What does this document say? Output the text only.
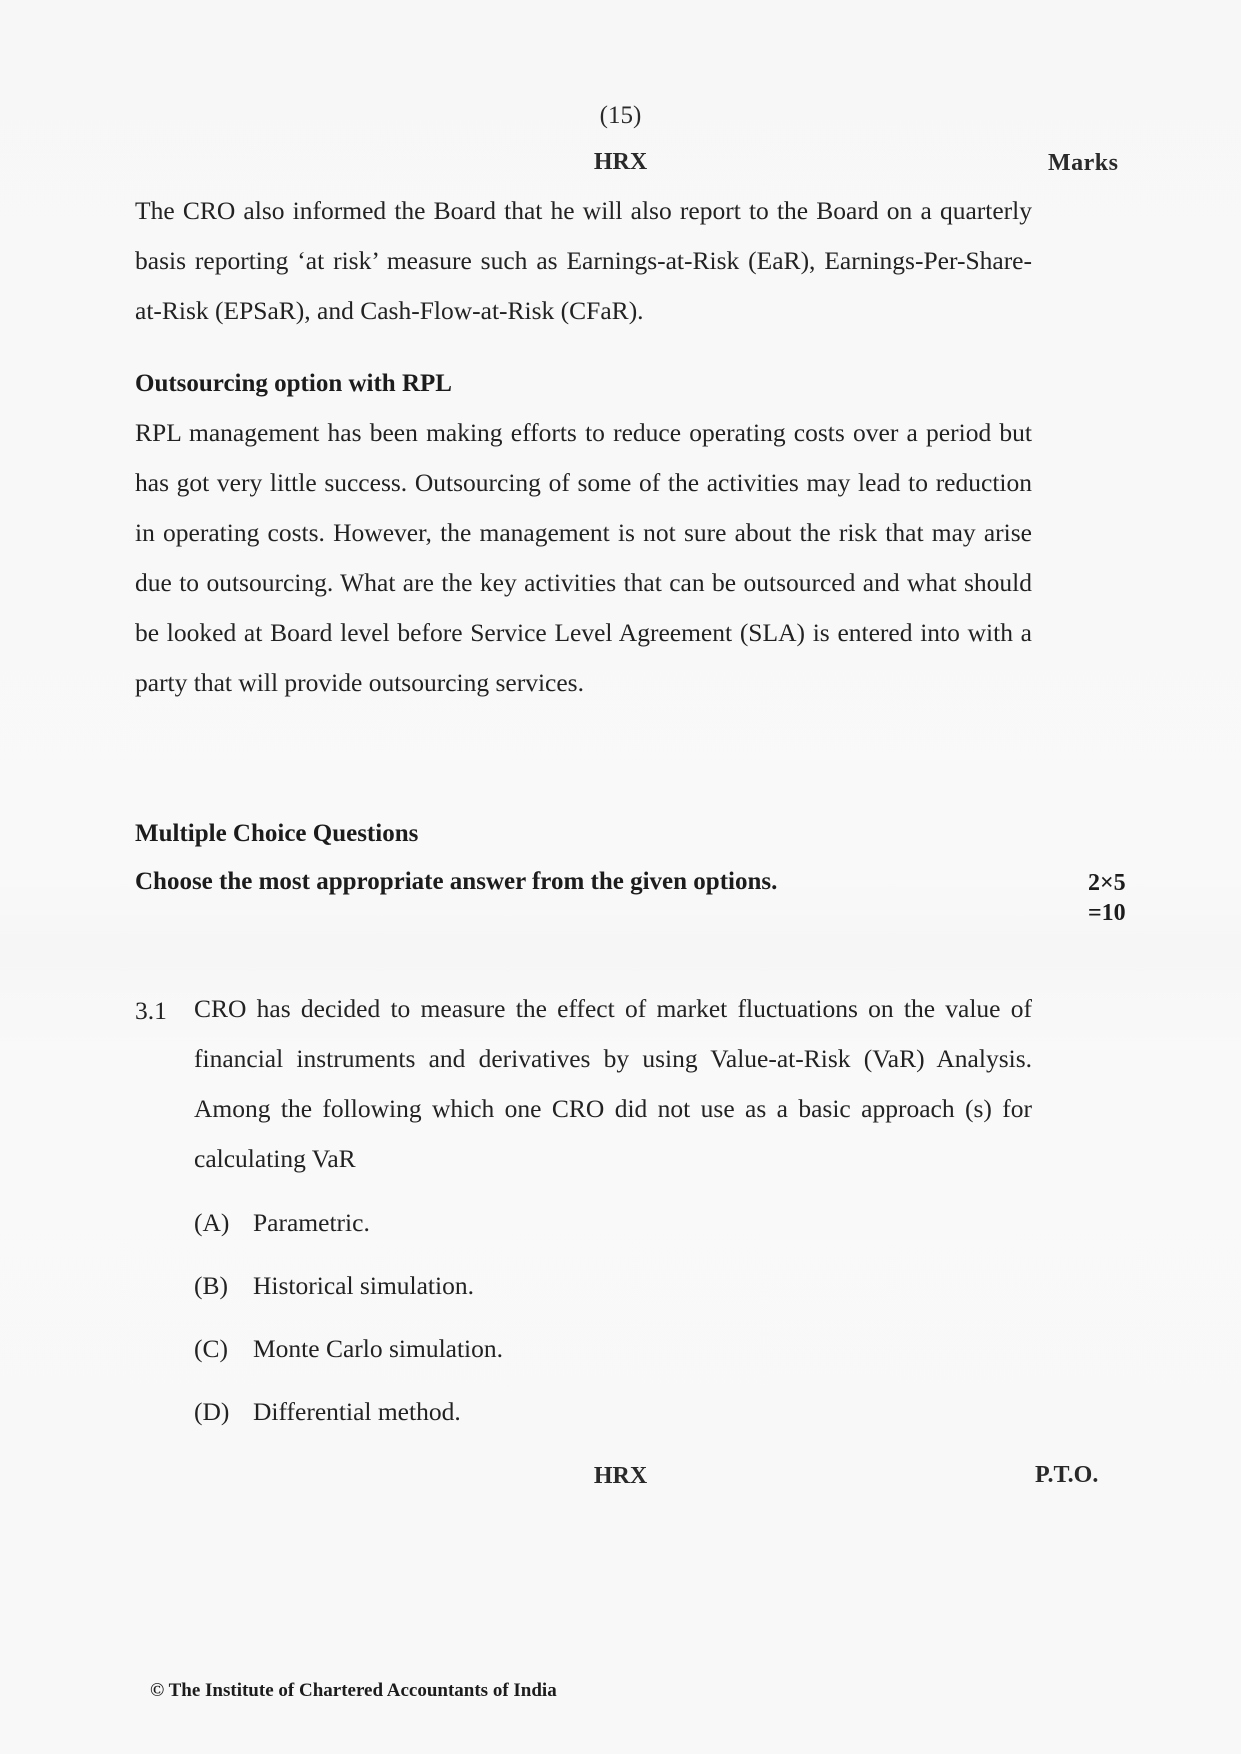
(15)
HRX	Marks

The CRO also informed the Board that he will also report to the Board on a quarterly basis reporting ‘at risk’ measure such as Earnings-at-Risk (EaR), Earnings-Per-Share-at-Risk (EPSaR), and Cash-Flow-at-Risk (CFaR).

Outsourcing option with RPL

RPL management has been making efforts to reduce operating costs over a period but has got very little success. Outsourcing of some of the activities may lead to reduction in operating costs. However, the management is not sure about the risk that may arise due to outsourcing. What are the key activities that can be outsourced and what should be looked at Board level before Service Level Agreement (SLA) is entered into with a party that will provide outsourcing services.

Multiple Choice Questions
Choose the most appropriate answer from the given options.	2×5
=10
3.1 CRO has decided to measure the effect of market fluctuations on the value of financial instruments and derivatives by using Value-at-Risk (VaR) Analysis. Among the following which one CRO did not use as a basic approach (s) for calculating VaR

(A) Parametric.
(B) Historical simulation.
(C) Monte Carlo simulation.
(D) Differential method.
HRX	P.T.O.
© The Institute of Chartered Accountants of India
